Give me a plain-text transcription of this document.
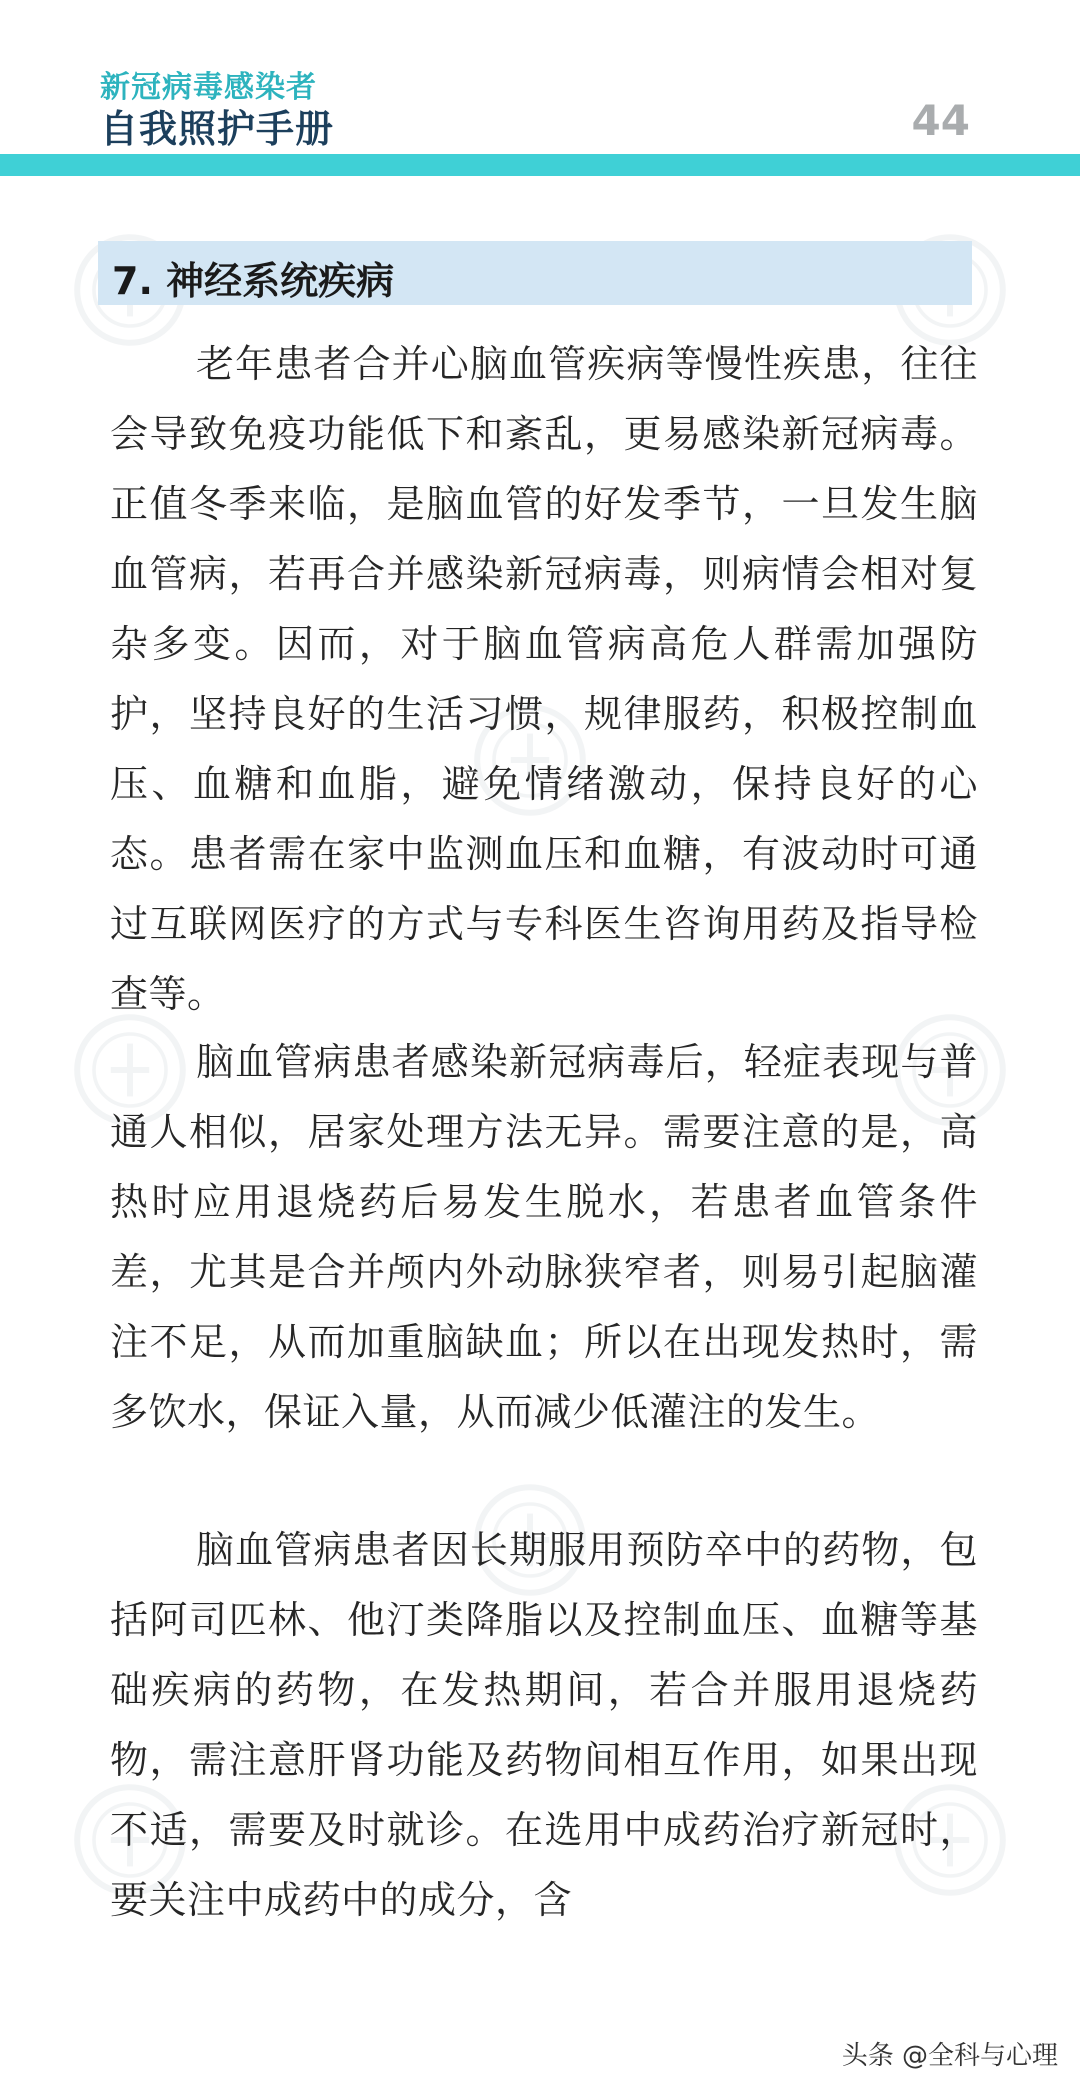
新冠病毒感染者
自我照护手册	44
7. 神经系统疾病

老年患者合并心脑血管疾病等慢性疾患，往往会导致免疫功能低下和紊乱，更易感染新冠病毒。正值冬季来临，是脑血管的好发季节，一旦发生脑血管病，若再合并感染新冠病毒，则病情会相对复杂多变。因而，对于脑血管病高危人群需加强防护，坚持良好的生活习惯，规律服药，积极控制血压、血糖和血脂，避免情绪激动，保持良好的心态。患者需在家中监测血压和血糖，有波动时可通过互联网医疗的方式与专科医生咨询用药及指导检查等。

脑血管病患者感染新冠病毒后，轻症表现与普通人相似，居家处理方法无异。需要注意的是，高热时应用退烧药后易发生脱水，若患者血管条件差，尤其是合并颅内外动脉狭窄者，则易引起脑灌注不足，从而加重脑缺血；所以在出现发热时，需多饮水，保证入量，从而减少低灌注的发生。

脑血管病患者因长期服用预防卒中的药物，包括阿司匹林、他汀类降脂以及控制血压、血糖等基础疾病的药物，在发热期间，若合并服用退烧药物，需注意肝肾功能及药物间相互作用，如果出现不适，需要及时就诊。在选用中成药治疗新冠时，要关注中成药中的成分，含

头条 @全科与心理
